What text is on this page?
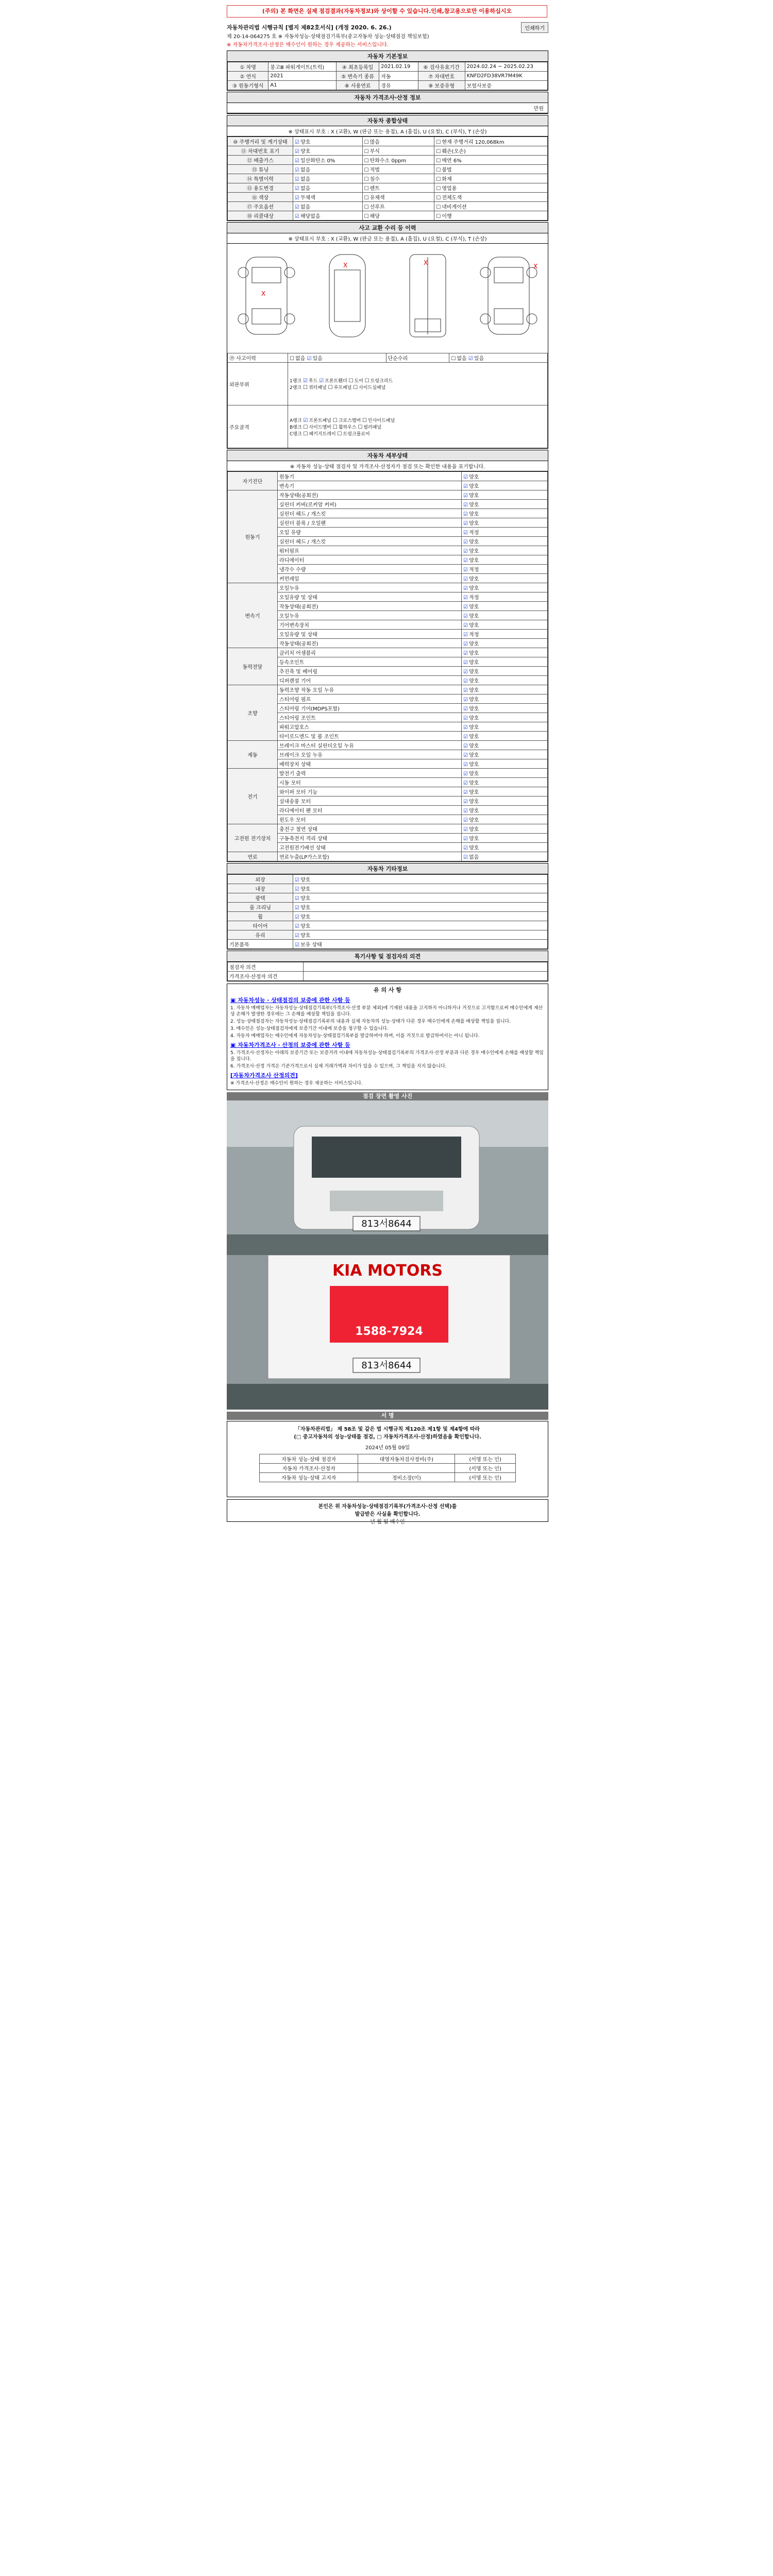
(주의) 본 화면은 실제 점검결과(자동차정보)와 상이할 수 있습니다.인쇄,참고용으로만 이용하십시오
자동차관리법 시행규칙 [별지 제82호서식] (개정 2020. 6. 26.)	인쇄하기
제 20-14-064275 호 ※ 자동차성능·상태점검기록부(중고자동차 성능·상태점검 책임보험)
※ 자동차가격조사·산정은 매수인이 원하는 경우 제공하는 서비스입니다.
자동차 기본정보
① 차명	봉고Ⅲ 파워게이트(트럭)	④ 최초등록일	2021.02.19	⑥ 검사유효기간	2024.02.24 ~ 2025.02.23
② 연식	2021	⑤ 변속기 종류	자동	⑦ 차대번호	KNFD2FD38VR7M49K
③ 원동기형식	A1	⑧ 사용연료	경유	⑨ 보증유형	보험사보증
자동차 가격조사·산정 정보
만원
자동차 종합상태
※ 상태표시 부호 : X (교환), W (판금 또는 용접), A (흠집), U (요철), C (부식), T (손상)
⑩ 주행거리 및 계기상태	☑양호	☐많음	☐현재 주행거리 120,068km
⑪ 차대번호 표기	☑양호	☐부식	☐훼손(오손)
⑫ 배출가스	☑일산화탄소 0%	☐탄화수소 0ppm	☐매연 6%
⑬ 튜닝	☑없음	☐적법	☐불법
⑭ 특별이력	☑없음	☐침수	☐화재
⑮ 용도변경	☑없음	☐렌트	☐영업용
⑯ 색상	☑무채색	☐유채색	☐전체도색
⑰ 주요옵션	☑없음	☐선루프	☐네비게이션
⑱ 리콜대상	☑해당없음	☐해당	☐이행
사고 교환 수리 등 이력
※ 상태표시 부호 : X (교환), W (판금 또는 용접), A (흠집), U (요철), C (부식), T (손상)
X
X	X	X
⑲ 사고이력	☐없음 ☑ 있음	단순수리	☐없음 ☑ 있음
외판부위	1랭크 ☑ 후드 ☑ 프론트휀더 ☐ 도어 ☐ 트렁크리드
2랭크 ☐ 쿼터패널 ☐ 루프패널 ☐ 사이드실패널
주요골격	A랭크 ☑ 프론트패널 ☐ 크로스멤버 ☐ 인사이드패널
B랭크 ☐ 사이드멤버 ☐ 휠하우스 ☐ 필러패널
C랭크 ☐ 패키지트레이 ☐ 트렁크플로어
자동차 세부상태
※ 자동차 성능·상태 점검자 및 가격조사·산정자가 점검 또는 확인한 내용을 표기합니다.
자기진단	원동기	☑양호
	변속기	☑양호
원동기	작동상태(공회전)	☑양호
	실린더 커버(로커암 커버)	☑양호
	실린더 헤드 / 개스킷	☑양호
	실린더 블록 / 오일팬	☑양호
	오일 유량	☑적정
	실린더 헤드 / 개스킷	☑양호
	워터펌프	☑양호
	라디에이터	☑양호
	냉각수 수량	☑적정
	커먼레일	☑양호
변속기	오일누유	☑양호
	오일유량 및 상태	☑적정
	작동상태(공회전)	☑양호
	오일누유	☑양호
	기어변속장치	☑양호
	오일유량 및 상태	☑적정
	작동상태(공회전)	☑양호
동력전달	클러치 어셈블리	☑양호
	등속조인트	☑양호
	추진축 및 베어링	☑양호
	디퍼렌셜 기어	☑양호
조향	동력조향 작동 오일 누유	☑양호
	스티어링 펌프	☑양호
	스티어링 기어(MDPS포함)	☑양호
	스티어링 조인트	☑양호
	파워고압호스	☑양호
	타이로드엔드 및 볼 조인트	☑양호
제동	브레이크 마스터 실린더오일 누유	☑양호
	브레이크 오일 누유	☑양호
	배력장치 상태	☑양호
전기	발전기 출력	☑양호
	시동 모터	☑양호
	와이퍼 모터 기능	☑양호
	실내송풍 모터	☑양호
	라디에이터 팬 모터	☑양호
	윈도우 모터	☑양호
고전원 전기장치	충전구 절연 상태	☑양호
	구동축전지 격리 상태	☑양호
	고전원전기배선 상태	☑양호
연료	연료누출(LP가스포함)	☑없음
자동차 기타정보
외장	☑양호
내장	☑양호
광택	☑양호
룸 크리닝	☑양호
휠	☑양호
타이어	☑양호
유리	☑양호
기본품목	☑보유 상태
특기사항 및 점검자의 의견
점검자 의견	
가격조사·산정자 의견	
유 의 사 항
▣ 자동차성능 · 상태점검의 보증에 관한 사항 등

1. 자동차 매매업자는 자동차성능·상태점검기록부(가격조사·산정 부분 제외)에 기재된 내용을 고지하지 아니하거나 거짓으로 고지함으로써 매수인에게 재산상 손해가 발생한 경우에는 그 손해를 배상할 책임을 집니다.

2. 성능·상태점검자는 자동차성능·상태점검기록부의 내용과 실제 자동차의 성능·상태가 다른 경우 매수인에게 손해를 배상할 책임을 집니다.

3. 매수인은 성능·상태점검자에게 보증기간 이내에 보증을 청구할 수 있습니다.

4. 자동차 매매업자는 매수인에게 자동차성능·상태점검기록부를 발급하여야 하며, 이를 거짓으로 발급하여서는 아니 됩니다.

▣ 자동차가격조사 · 산정의 보증에 관한 사항 등

5. 가격조사·산정자는 아래의 보증기간 또는 보증거리 이내에 자동차성능·상태점검기록부의 가격조사·산정 부분과 다른 경우 매수인에게 손해를 배상할 책임을 집니다.

6. 가격조사·산정 가격은 기준가격으로서 실제 거래가액과 차이가 있을 수 있으며, 그 책임을 지지 않습니다.

[자동차가격조사 산정의견]

※ 가격조사·산정은 매수인이 원하는 경우 제공하는 서비스입니다.

점검 장면 촬영 사진
813서8644
KIA MOTORS
1588-7924
813서8644
서 명
「자동차관리법」 제 58조 및 같은 법 시행규칙 제120조 제1항 및 제4항에 따라
(□ 중고자동차의 성능·상태를 점검, □ 자동차가격조사·산정)하였음을 확인합니다.
2024년 05월 09일
자동차 성능·상태 점검자	대영자동차검사정비(주)	(서명 또는 인)
자동차 가격조사·산정자		(서명 또는 인)
자동차 성능·상태 고지자	정비소장(이)	(서명 또는 인)
본인은 위 자동차성능·상태점검기록부(가격조사·산정 선택)를
발급받은 사실을 확인합니다.
년 월 일 매수인
